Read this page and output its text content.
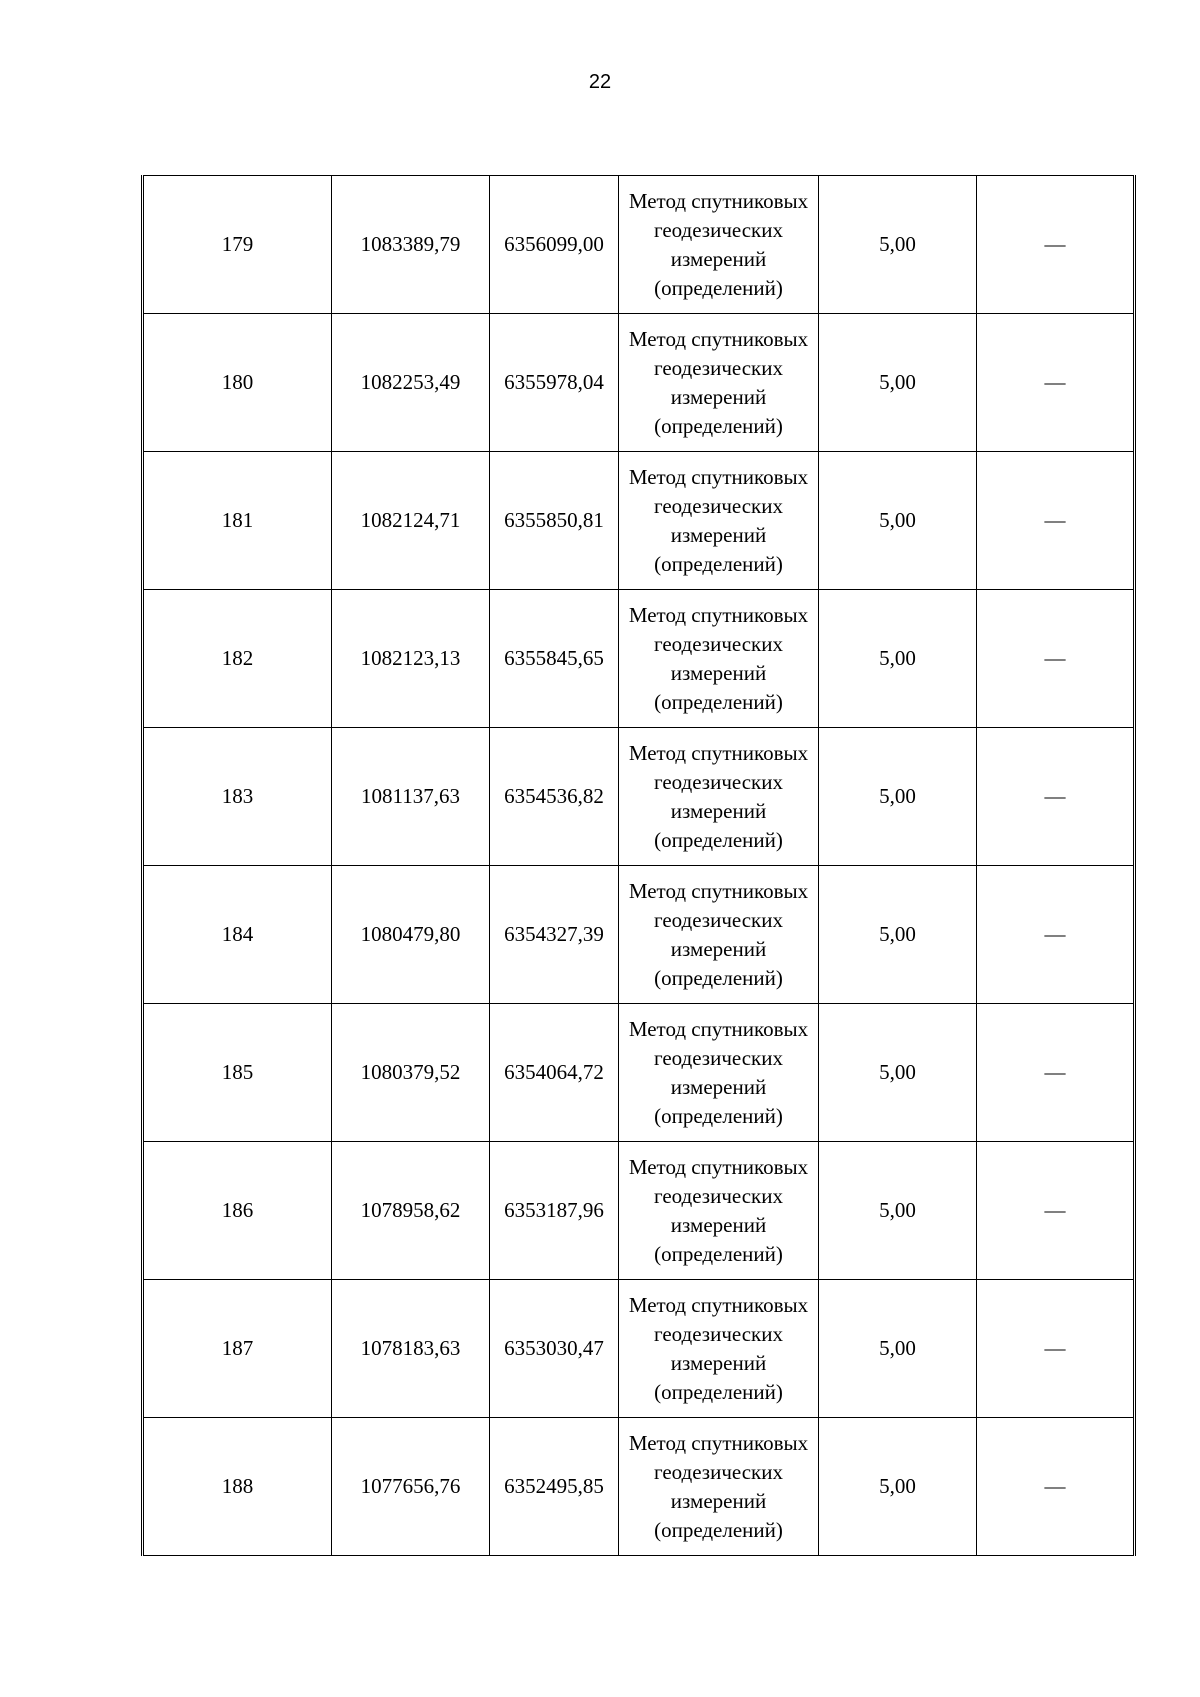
22
179	1083389,79	6356099,00	Метод спутниковых геодезических измерений (определений)	5,00	—
180	1082253,49	6355978,04	Метод спутниковых геодезических измерений (определений)	5,00	—
181	1082124,71	6355850,81	Метод спутниковых геодезических измерений (определений)	5,00	—
182	1082123,13	6355845,65	Метод спутниковых геодезических измерений (определений)	5,00	—
183	1081137,63	6354536,82	Метод спутниковых геодезических измерений (определений)	5,00	—
184	1080479,80	6354327,39	Метод спутниковых геодезических измерений (определений)	5,00	—
185	1080379,52	6354064,72	Метод спутниковых геодезических измерений (определений)	5,00	—
186	1078958,62	6353187,96	Метод спутниковых геодезических измерений (определений)	5,00	—
187	1078183,63	6353030,47	Метод спутниковых геодезических измерений (определений)	5,00	—
188	1077656,76	6352495,85	Метод спутниковых геодезических измерений (определений)	5,00	—
